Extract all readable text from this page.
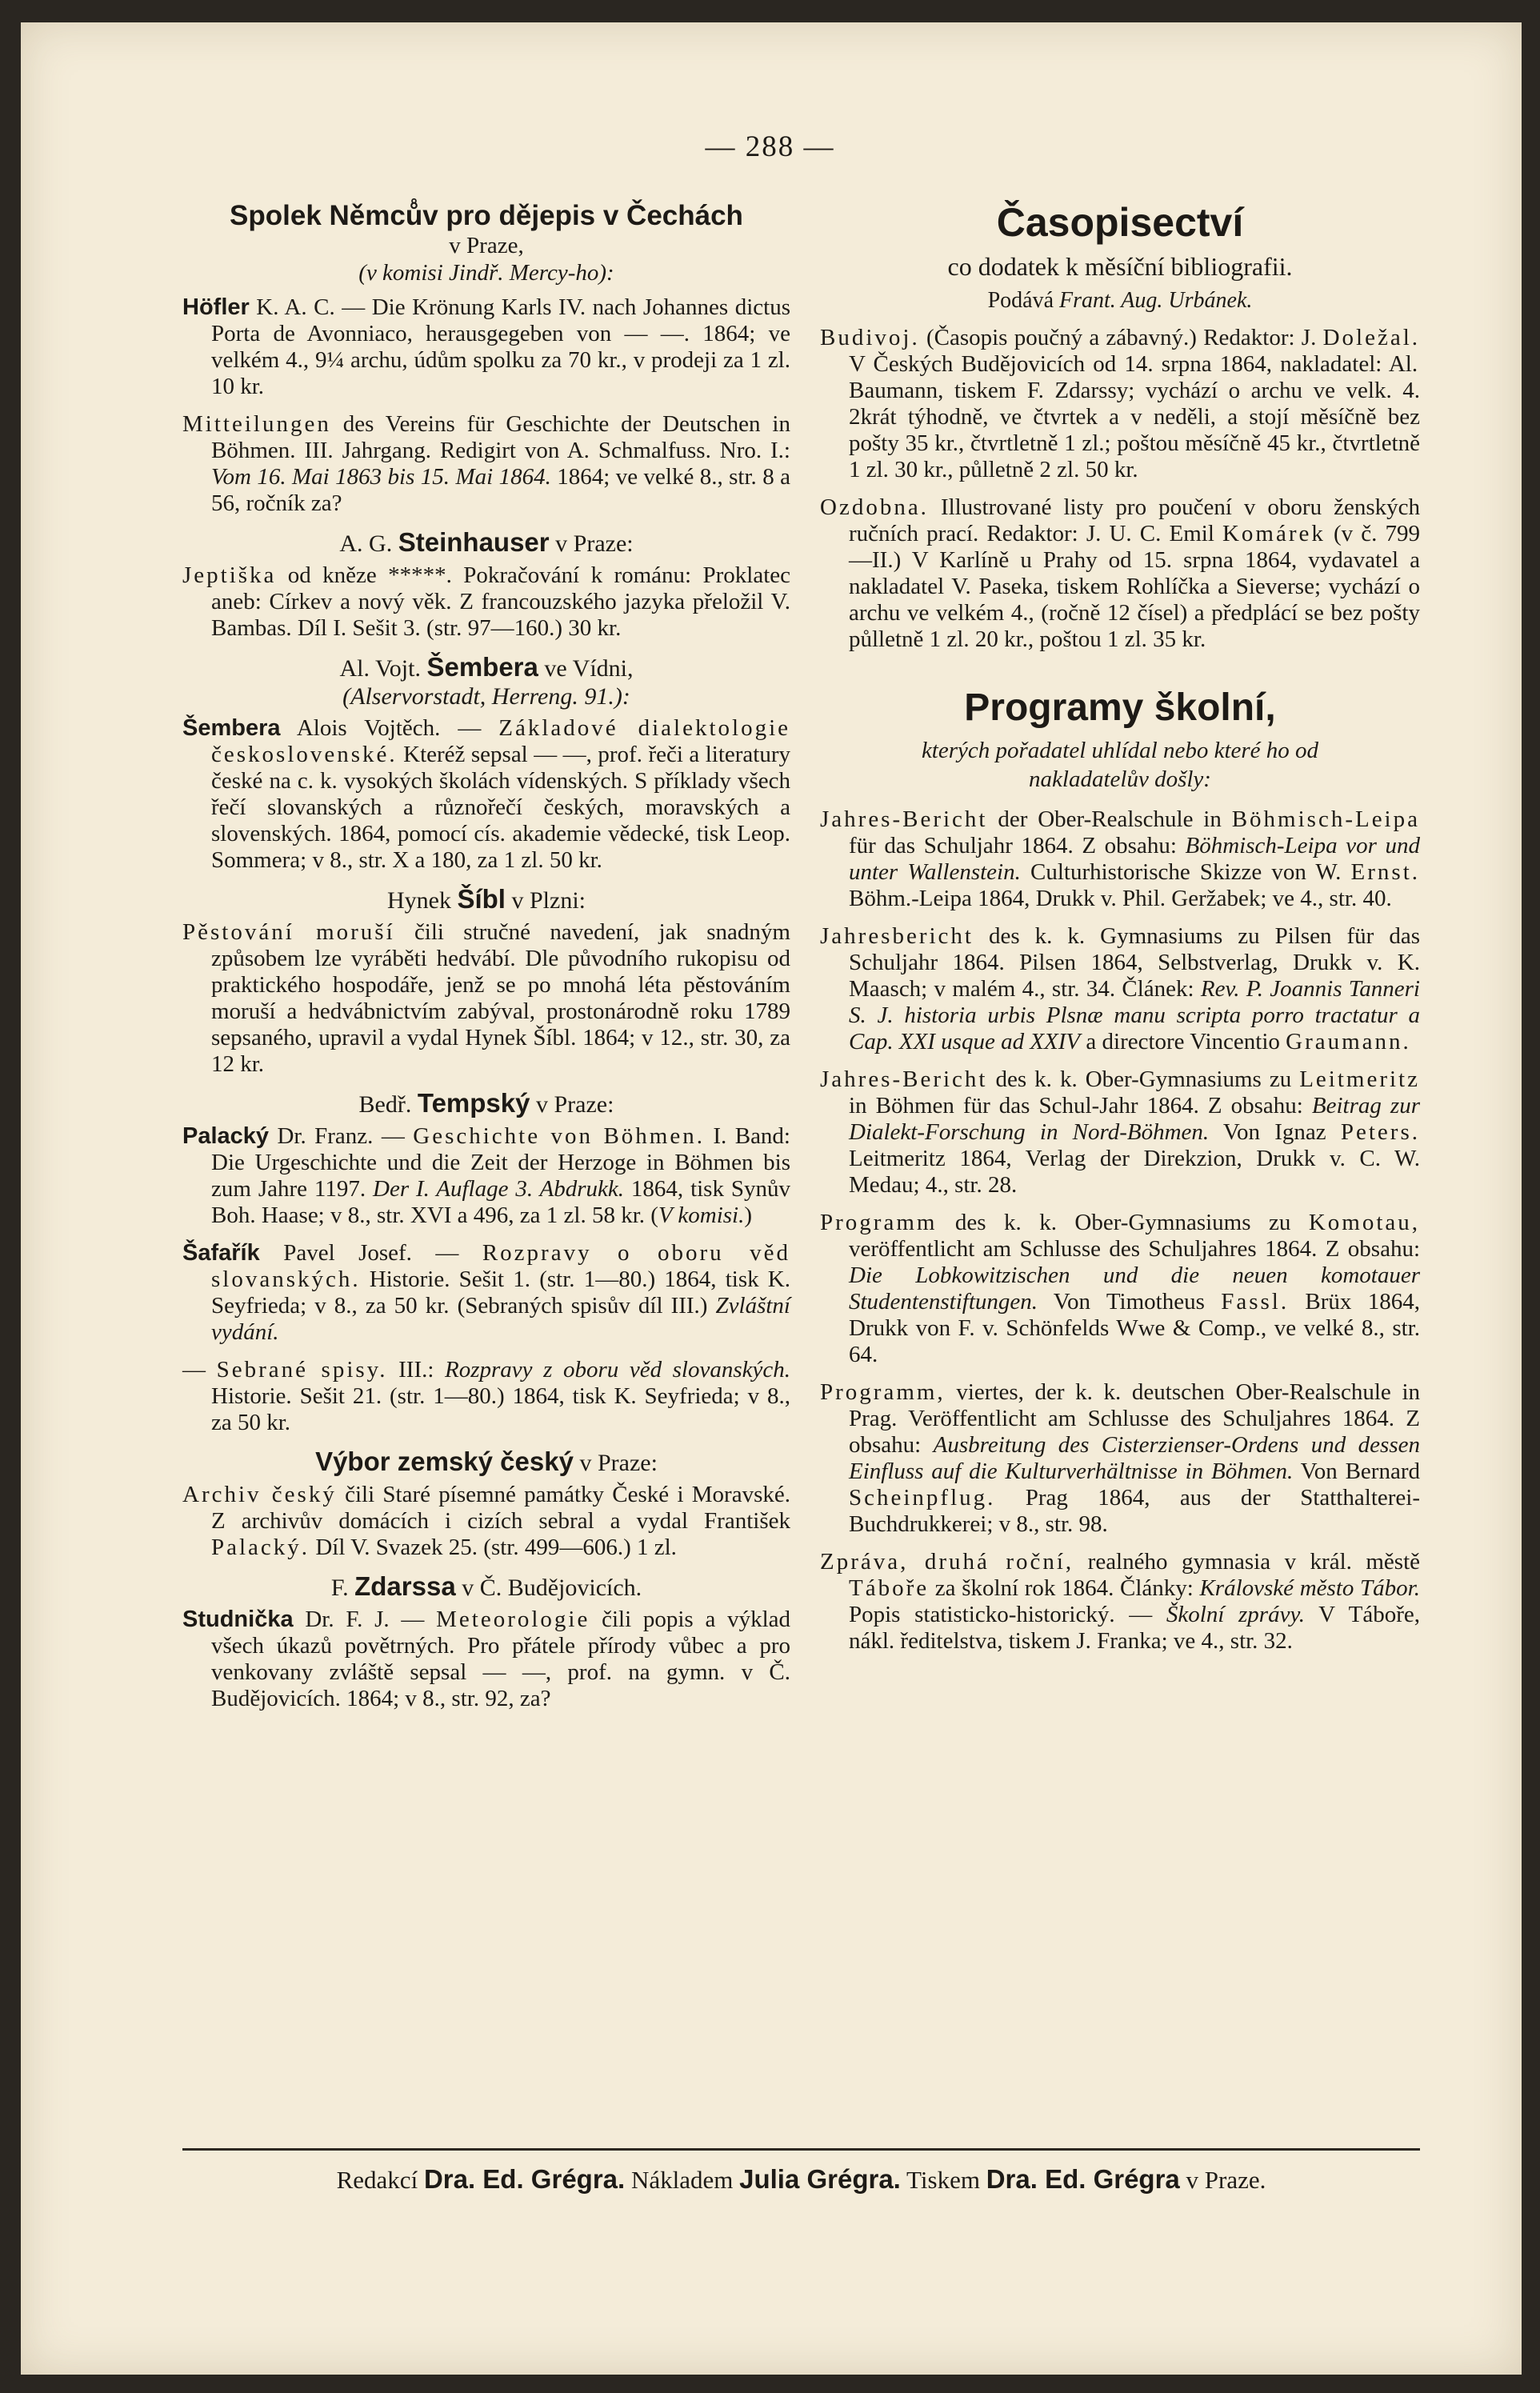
— 288 —
Spolek Němců̊v pro dějepis v Čechách
v Praze,
(v komisi Jindř. Mercy-ho):

Höfler K. A. C. — Die Krönung Karls IV. nach Johannes dictus Porta de Avonniaco, herausgegeben von — —. 1864; ve velkém 4., 9¼ archu, údům spolku za 70 kr., v prodeji za 1 zl. 10 kr.

Mitteilungen des Vereins für Geschichte der Deutschen in Böhmen. III. Jahrgang. Redigirt von A. Schmalfuss. Nro. I.: Vom 16. Mai 1863 bis 15. Mai 1864. 1864; ve velké 8., str. 8 a 56, ročník za?

A. G. Steinhauser v Praze:

Jeptiška od kněze *****. Pokračování k románu: Proklatec aneb: Církev a nový věk. Z francouzského jazyka přeložil V. Bambas. Díl I. Sešit 3. (str. 97—160.) 30 kr.

Al. Vojt. Šembera ve Vídni,
(Alservorstadt, Herreng. 91.):

Šembera Alois Vojtěch. — Základové dialektologie československé. Kteréž sepsal — —, prof. řeči a literatury české na c. k. vysokých školách vídenských. S příklady všech řečí slovanských a různořečí českých, moravských a slovenských. 1864, pomocí cís. akademie vědecké, tisk Leop. Sommera; v 8., str. X a 180, za 1 zl. 50 kr.

Hynek Šíbl v Plzni:

Pěstování moruší čili stručné navedení, jak snadným způsobem lze vyráběti hedvábí. Dle původního rukopisu od praktického hospodáře, jenž se po mnohá léta pěstováním moruší a hedvábnictvím zabýval, prostonárodně roku 1789 sepsaného, upravil a vydal Hynek Šíbl. 1864; v 12., str. 30, za 12 kr.

Bedř. Tempský v Praze:

Palacký Dr. Franz. — Geschichte von Böhmen. I. Band: Die Urgeschichte und die Zeit der Herzoge in Böhmen bis zum Jahre 1197. Der I. Auflage 3. Abdrukk. 1864, tisk Synův Boh. Haase; v 8., str. XVI a 496, za 1 zl. 58 kr. (V komisi.)

Šafařík Pavel Josef. — Rozpravy o oboru věd slovanských. Historie. Sešit 1. (str. 1—80.) 1864, tisk K. Seyfrieda; v 8., za 50 kr. (Sebraných spisův díl III.) Zvláštní vydání.

— Sebrané spisy. III.: Rozpravy z oboru věd slovanských. Historie. Sešit 21. (str. 1—80.) 1864, tisk K. Seyfrieda; v 8., za 50 kr.

Výbor zemský český v Praze:

Archiv český čili Staré písemné památky České i Moravské. Z archivův domácích i cizích sebral a vydal František Palacký. Díl V. Svazek 25. (str. 499—606.) 1 zl.

F. Zdarssa v Č. Budějovicích.

Studnička Dr. F. J. — Meteorologie čili popis a výklad všech úkazů povětrných. Pro přátele přírody vůbec a pro venkovany zvláště sepsal — —, prof. na gymn. v Č. Budějovicích. 1864; v 8., str. 92, za?

Časopisectví
co dodatek k měsíční bibliografii.
Podává Frant. Aug. Urbánek.

Budivoj. (Časopis poučný a zábavný.) Redaktor: J. Doležal. V Českých Budějovicích od 14. srpna 1864, nakladatel: Al. Baumann, tiskem F. Zdarssy; vychází o archu ve velk. 4. 2krát týhodně, ve čtvrtek a v neděli, a stojí měsíčně bez pošty 35 kr., čtvrtletně 1 zl.; poštou měsíčně 45 kr., čtvrtletně 1 zl. 30 kr., půlletně 2 zl. 50 kr.

Ozdobna. Illustrované listy pro poučení v oboru ženských ručních prací. Redaktor: J. U. C. Emil Komárek (v č. 799—II.) V Karlíně u Prahy od 15. srpna 1864, vydavatel a nakladatel V. Paseka, tiskem Rohlíčka a Sieverse; vychází o archu ve velkém 4., (ročně 12 čísel) a předplácí se bez pošty půlletně 1 zl. 20 kr., poštou 1 zl. 35 kr.

Programy školní,
kterých pořadatel uhlídal nebo které ho od
nakladatelův došly:

Jahres-Bericht der Ober-Realschule in Böhmisch-Leipa für das Schuljahr 1864. Z obsahu: Böhmisch-Leipa vor und unter Wallenstein. Culturhistorische Skizze von W. Ernst. Böhm.-Leipa 1864, Drukk v. Phil. Geržabek; ve 4., str. 40.

Jahresbericht des k. k. Gymnasiums zu Pilsen für das Schuljahr 1864. Pilsen 1864, Selbstverlag, Drukk v. K. Maasch; v malém 4., str. 34. Článek: Rev. P. Joannis Tanneri S. J. historia urbis Plsnæ manu scripta porro tractatur a Cap. XXI usque ad XXIV a directore Vincentio Graumann.

Jahres-Bericht des k. k. Ober-Gymnasiums zu Leitmeritz in Böhmen für das Schul-Jahr 1864. Z obsahu: Beitrag zur Dialekt-Forschung in Nord-Böhmen. Von Ignaz Peters. Leitmeritz 1864, Verlag der Direkzion, Drukk v. C. W. Medau; 4., str. 28.

Programm des k. k. Ober-Gymnasiums zu Komotau, veröffentlicht am Schlusse des Schuljahres 1864. Z obsahu: Die Lobkowitzischen und die neuen komotauer Studentenstiftungen. Von Timotheus Fassl. Brüx 1864, Drukk von F. v. Schönfelds Wwe & Comp., ve velké 8., str. 64.

Programm, viertes, der k. k. deutschen Ober-Realschule in Prag. Veröffentlicht am Schlusse des Schuljahres 1864. Z obsahu: Ausbreitung des Cisterzienser-Ordens und dessen Einfluss auf die Kulturverhältnisse in Böhmen. Von Bernard Scheinpflug. Prag 1864, aus der Statthalterei-Buchdrukkerei; v 8., str. 98.

Zpráva, druhá roční, realného gymnasia v král. městě Táboře za školní rok 1864. Články: Královské město Tábor. Popis statisticko-historický. — Školní zprávy. V Táboře, nákl. ředitelstva, tiskem J. Franka; ve 4., str. 32.

Redakcí Dra. Ed. Grégra. Nákladem Julia Grégra. Tiskem Dra. Ed. Grégra v Praze.
